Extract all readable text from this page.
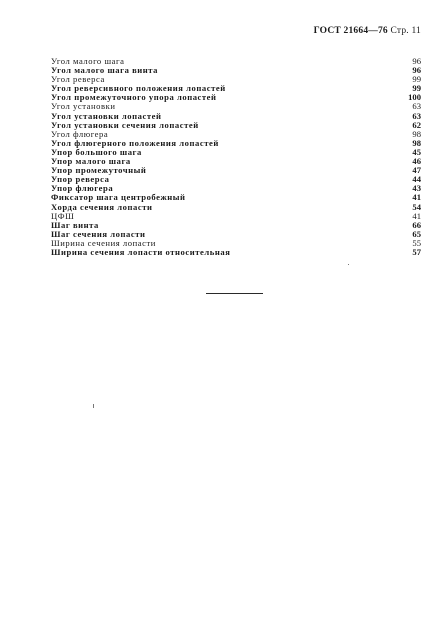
ГОСТ 21664—76 Стр. 11
Угол малого шага	96
Угол малого шага винта	96
Угол реверса	99
Угол реверсивного положения лопастей	99
Угол промежуточного упора лопастей	100
Угол установки	63
Угол установки лопастей	63
Угол установки сечения лопастей	62
Угол флюгера	98
Угол флюгерного положения лопастей	98
Упор большого шага	45
Упор малого шага	46
Упор промежуточный	47
Упор реверса	44
Упор флюгера	43
Фиксатор шага центробежный	41
Хорда сечения лопасти	54
ЦФШ	41
Шаг винта	66
Шаг сечения лопасти	65
Ширина сечения лопасти	55
Ширина сечения лопасти относительная	57
